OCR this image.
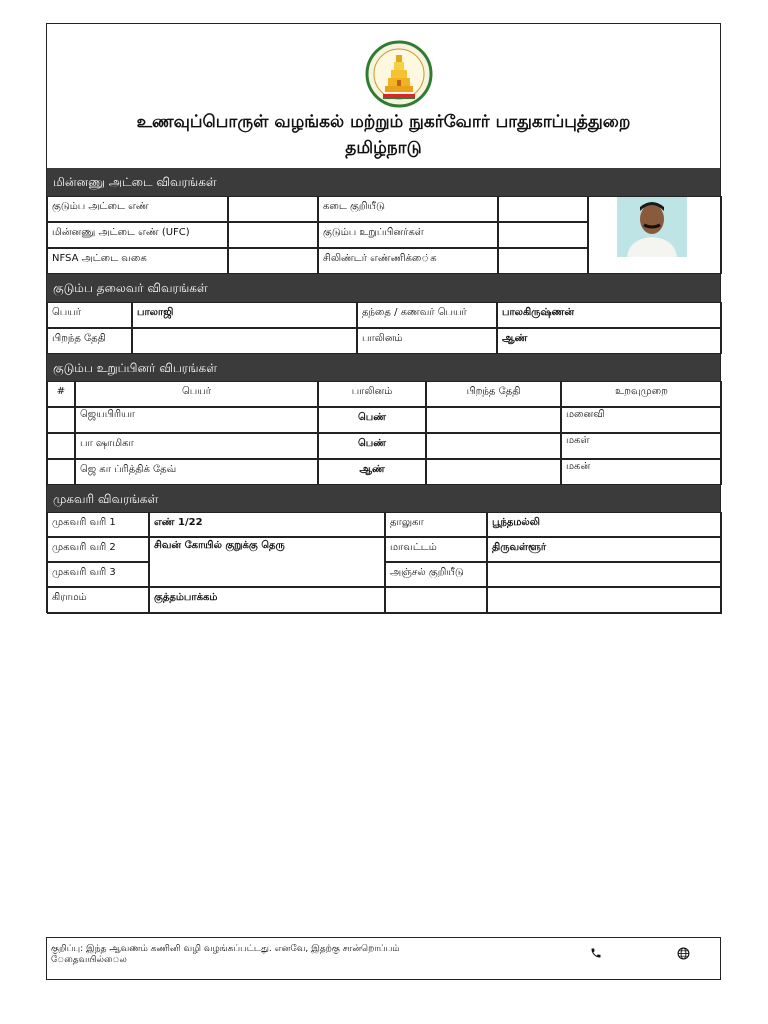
உணவுப்பொருள் வழங்கல் மற்றும் நுகர்வோர் பாதுகாப்புத்துறை
தமிழ்நாடு
மின்னணு அட்டை விவரங்கள்
குடும்ப அட்டை எண்	கடை குறியீடு
மின்னணு அட்டை எண் (UFC)	குடும்ப உறுப்பினர்கள்
NFSA அட்டை வகை	சிலிண்டர் எண்ணிக்ை்க
குடும்ப தலைவர் விவரங்கள்
பெயர்	பாலாஜி	தந்தை / கணவர் பெயர்	பாலகிருஷ்ணன்
பிறந்த தேதி	பாலினம்	ஆண்
குடும்ப உறுப்பினர் விபரங்கள்
#	பெயர்	பாலினம்	பிறந்த தேதி	உறவுமுறை
ஜெயபிரியா	பெண்	மனைவி
பா ஷாமிகா	பெண்	மகள்
ஜெ கா ப்ரித்திக் தேவ்	ஆண்	மகன்
முகவரி விவரங்கள்
முகவரி வரி 1	எண் 1/22	தாலுகா	பூந்தமல்லி
முகவரி வரி 2	சிவன் கோயில் குறுக்கு தெரு	மாவட்டம்	திருவள்ளூர்
முகவரி வரி 3	அஞ்சல் குறியீடு
கிராமம்	குத்தம்பாக்கம்
குறிப்பு: இந்த ஆவணம் கணினி வழி வழங்கப்பட்டது. எனவே, இதற்கு சான்றொப்பம்
ேதைவயில்ைல
